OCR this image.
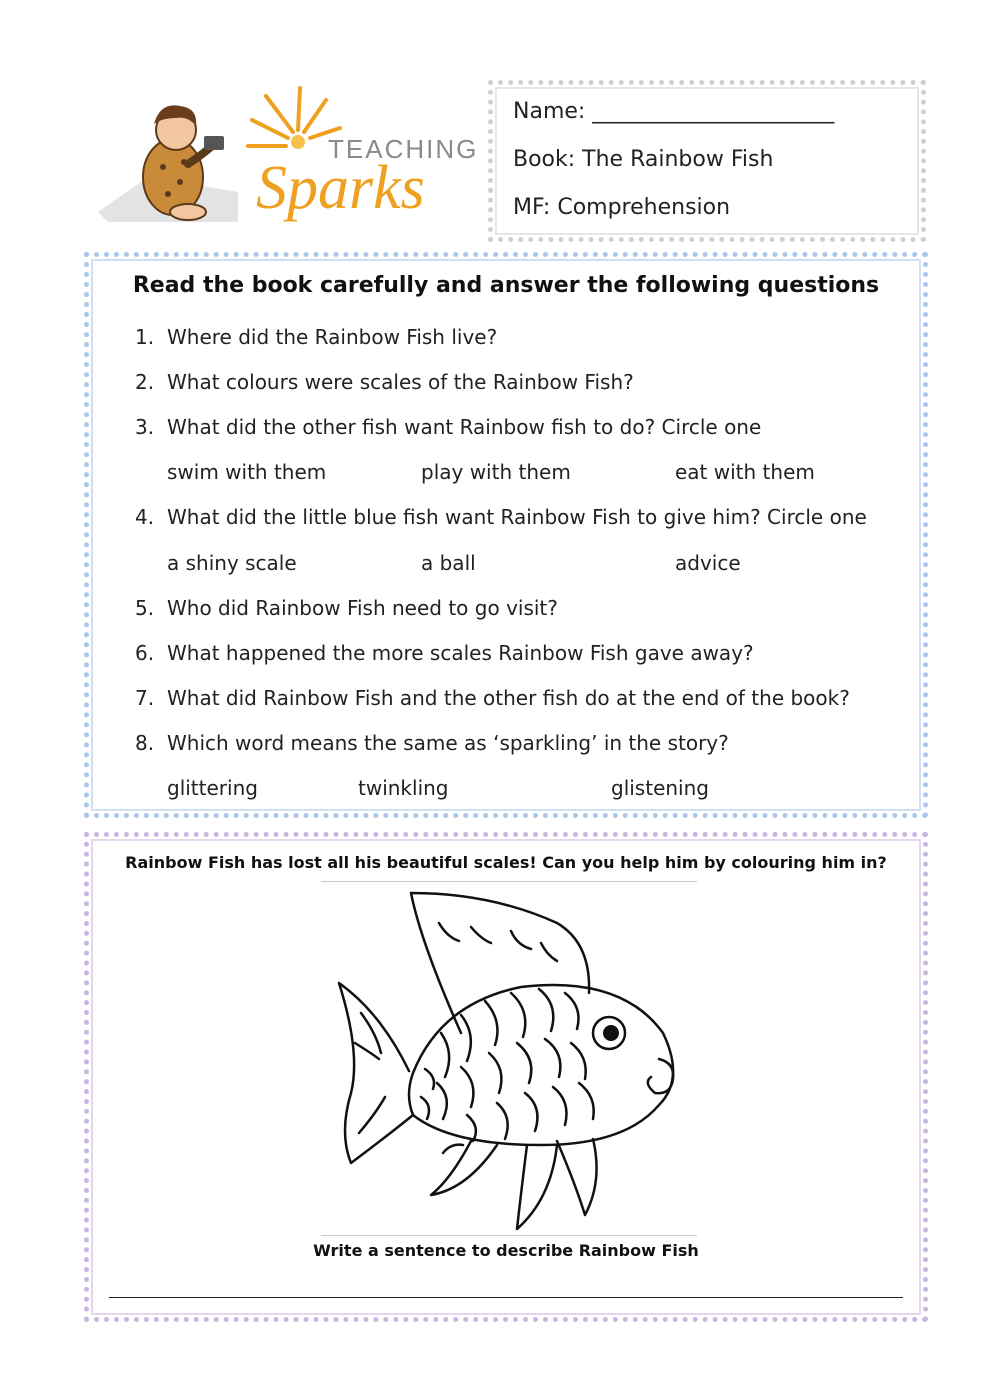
TEACHING
Sparks
Name: ______________________
Book: The Rainbow Fish
MF: Comprehension
Read the book carefully and answer the following questions
1. Where did the Rainbow Fish live?
2. What colours were scales of the Rainbow Fish?
3. What did the other fish want Rainbow fish to do? Circle one
swim with them	play with them	eat with them
4. What did the little blue fish want Rainbow Fish to give him? Circle one
a shiny scale	a ball	advice
5. Who did Rainbow Fish need to go visit?
6. What happened the more scales Rainbow Fish gave away?
7. What did Rainbow Fish and the other fish do at the end of the book?
8. Which word means the same as ‘sparkling’ in the story?
glittering	twinkling	glistening
Rainbow Fish has lost all his beautiful scales! Can you help him by colouring him in?
Write a sentence to describe Rainbow Fish
